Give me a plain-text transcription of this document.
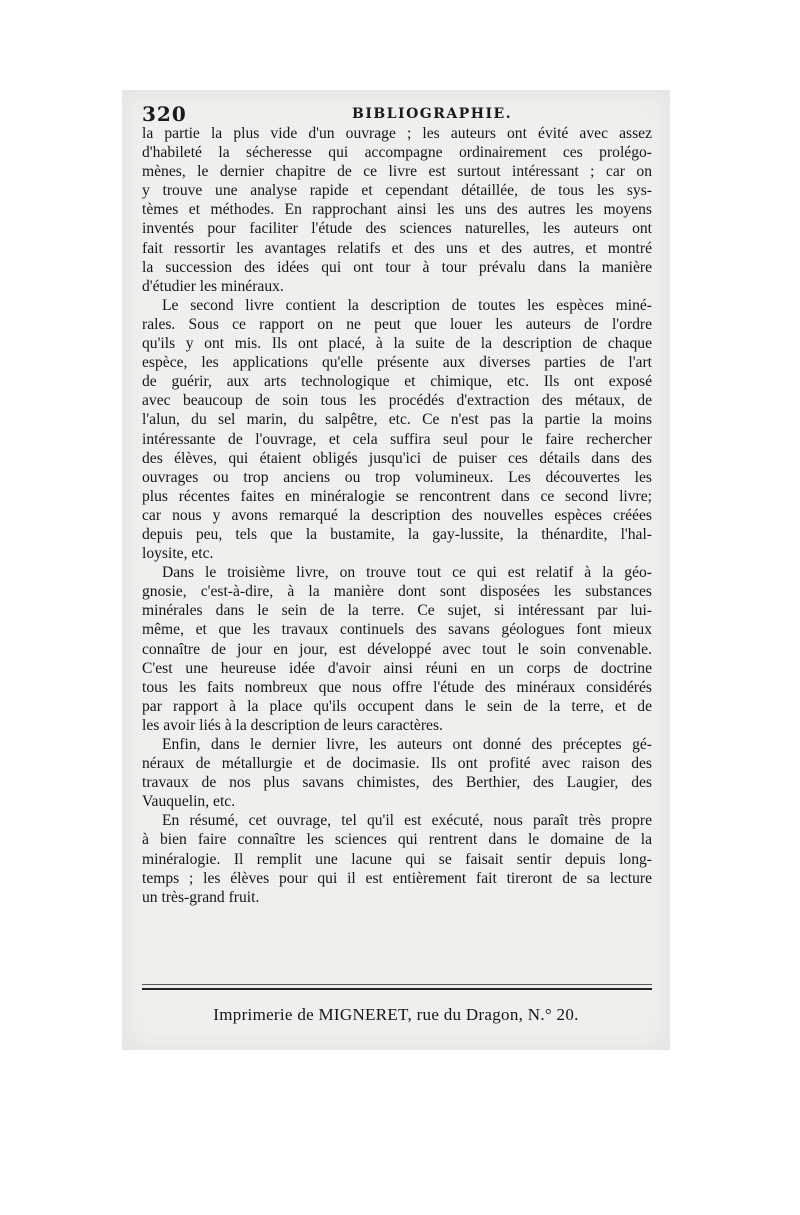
320	BIBLIOGRAPHIE.
la partie la plus vide d'un ouvrage ; les auteurs ont évité avec assez
d'habileté la sécheresse qui accompagne ordinairement ces prolégo-
mènes, le dernier chapitre de ce livre est surtout intéressant ; car on
y trouve une analyse rapide et cependant détaillée, de tous les sys-
tèmes et méthodes. En rapprochant ainsi les uns des autres les moyens
inventés pour faciliter l'étude des sciences naturelles, les auteurs ont
fait ressortir les avantages relatifs et des uns et des autres, et montré
la succession des idées qui ont tour à tour prévalu dans la manière
d'étudier les minéraux.
Le second livre contient la description de toutes les espèces miné-
rales. Sous ce rapport on ne peut que louer les auteurs de l'ordre
qu'ils y ont mis. Ils ont placé, à la suite de la description de chaque
espèce, les applications qu'elle présente aux diverses parties de l'art
de guérir, aux arts technologique et chimique, etc. Ils ont exposé
avec beaucoup de soin tous les procédés d'extraction des métaux, de
l'alun, du sel marin, du salpêtre, etc. Ce n'est pas la partie la moins
intéressante de l'ouvrage, et cela suffira seul pour le faire rechercher
des élèves, qui étaient obligés jusqu'ici de puiser ces détails dans des
ouvrages ou trop anciens ou trop volumineux. Les découvertes les
plus récentes faites en minéralogie se rencontrent dans ce second livre;
car nous y avons remarqué la description des nouvelles espèces créées
depuis peu, tels que la bustamite, la gay-lussite, la thénardite, l'hal-
loysite, etc.
Dans le troisième livre, on trouve tout ce qui est relatif à la géo-
gnosie, c'est-à-dire, à la manière dont sont disposées les substances
minérales dans le sein de la terre. Ce sujet, si intéressant par lui-
même, et que les travaux continuels des savans géologues font mieux
connaître de jour en jour, est développé avec tout le soin convenable.
C'est une heureuse idée d'avoir ainsi réuni en un corps de doctrine
tous les faits nombreux que nous offre l'étude des minéraux considérés
par rapport à la place qu'ils occupent dans le sein de la terre, et de
les avoir liés à la description de leurs caractères.
Enfin, dans le dernier livre, les auteurs ont donné des préceptes gé-
néraux de métallurgie et de docimasie. Ils ont profité avec raison des
travaux de nos plus savans chimistes, des Berthier, des Laugier, des
Vauquelin, etc.
En résumé, cet ouvrage, tel qu'il est exécuté, nous paraît très propre
à bien faire connaître les sciences qui rentrent dans le domaine de la
minéralogie. Il remplit une lacune qui se faisait sentir depuis long-
temps ; les élèves pour qui il est entièrement fait tireront de sa lecture
un très-grand fruit.
Imprimerie de MIGNERET, rue du Dragon, N.° 20.
